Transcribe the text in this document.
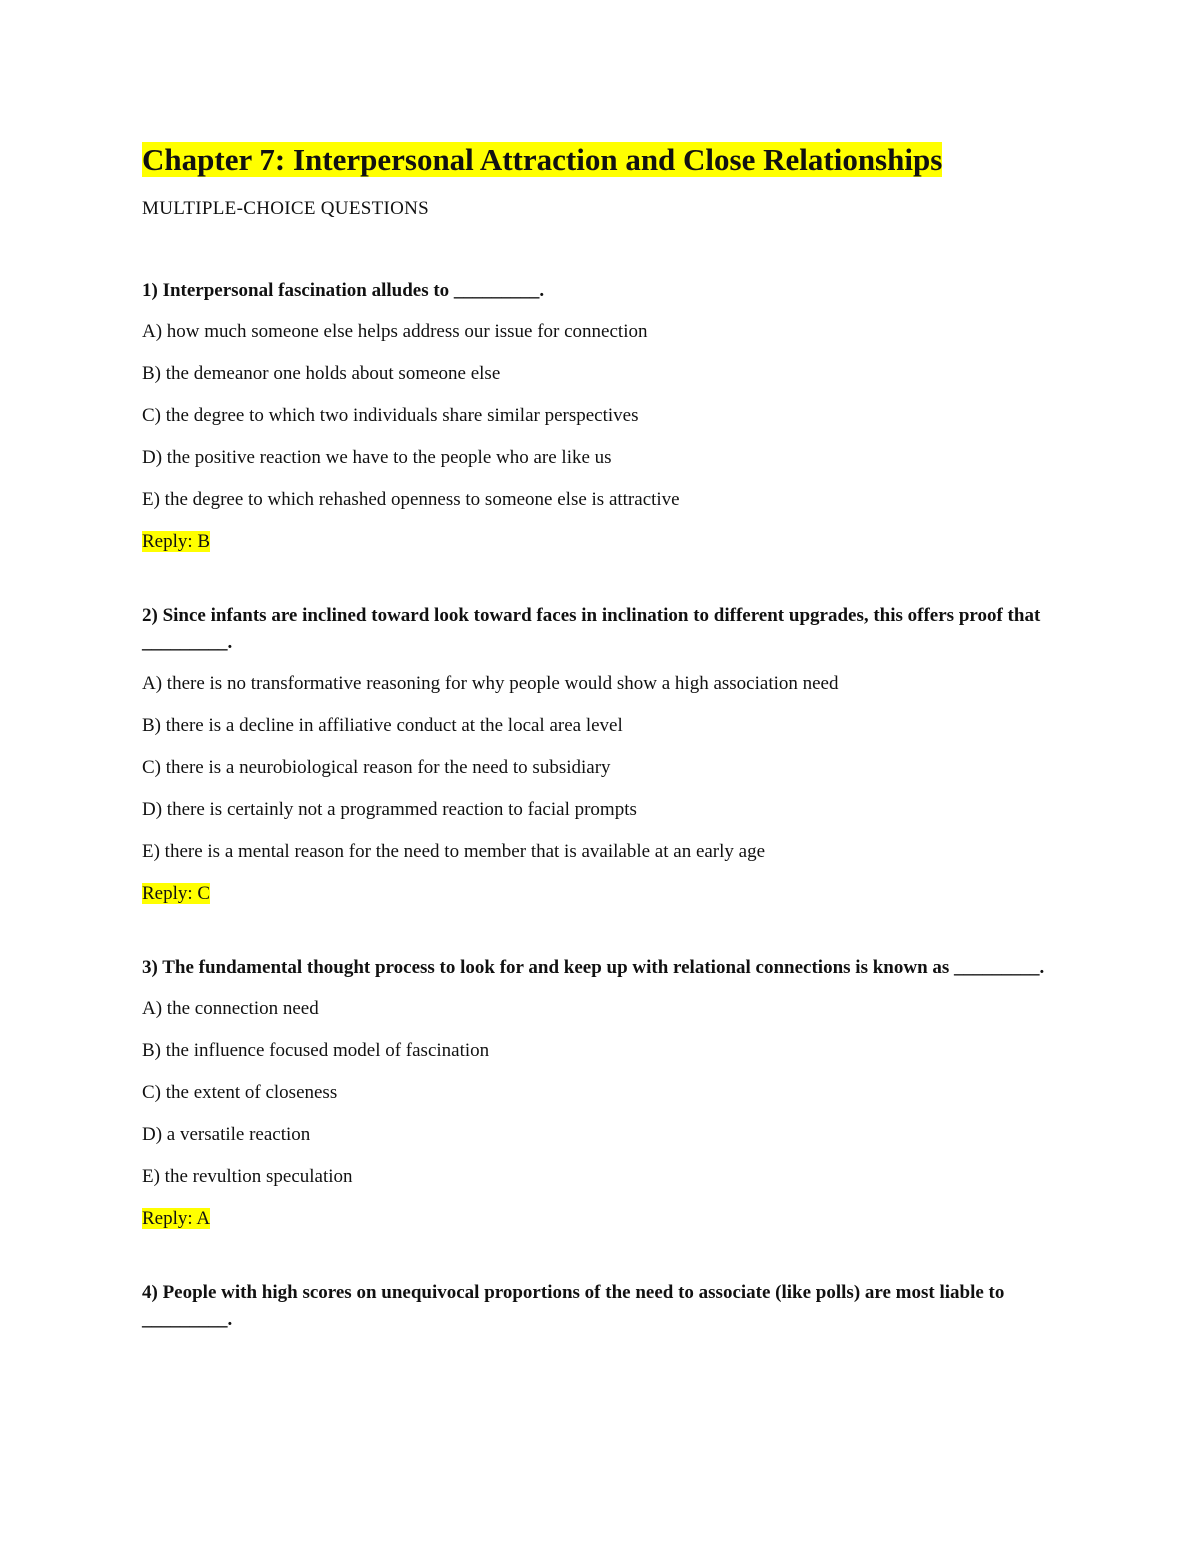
Chapter 7: Interpersonal Attraction and Close Relationships

MULTIPLE-CHOICE QUESTIONS

1) Interpersonal fascination alludes to _________.

A) how much someone else helps address our issue for connection

B) the demeanor one holds about someone else

C) the degree to which two individuals share similar perspectives

D) the positive reaction we have to the people who are like us

E) the degree to which rehashed openness to someone else is attractive

Reply: B

2) Since infants are inclined toward look toward faces in inclination to different upgrades, this offers proof that _________.

A) there is no transformative reasoning for why people would show a high association need

B) there is a decline in affiliative conduct at the local area level

C) there is a neurobiological reason for the need to subsidiary

D) there is certainly not a programmed reaction to facial prompts

E) there is a mental reason for the need to member that is available at an early age

Reply: C

3) The fundamental thought process to look for and keep up with relational connections is known as _________.

A) the connection need

B) the influence focused model of fascination

C) the extent of closeness

D) a versatile reaction

E) the revultion speculation

Reply: A

4) People with high scores on unequivocal proportions of the need to associate (like polls) are most liable to _________.
